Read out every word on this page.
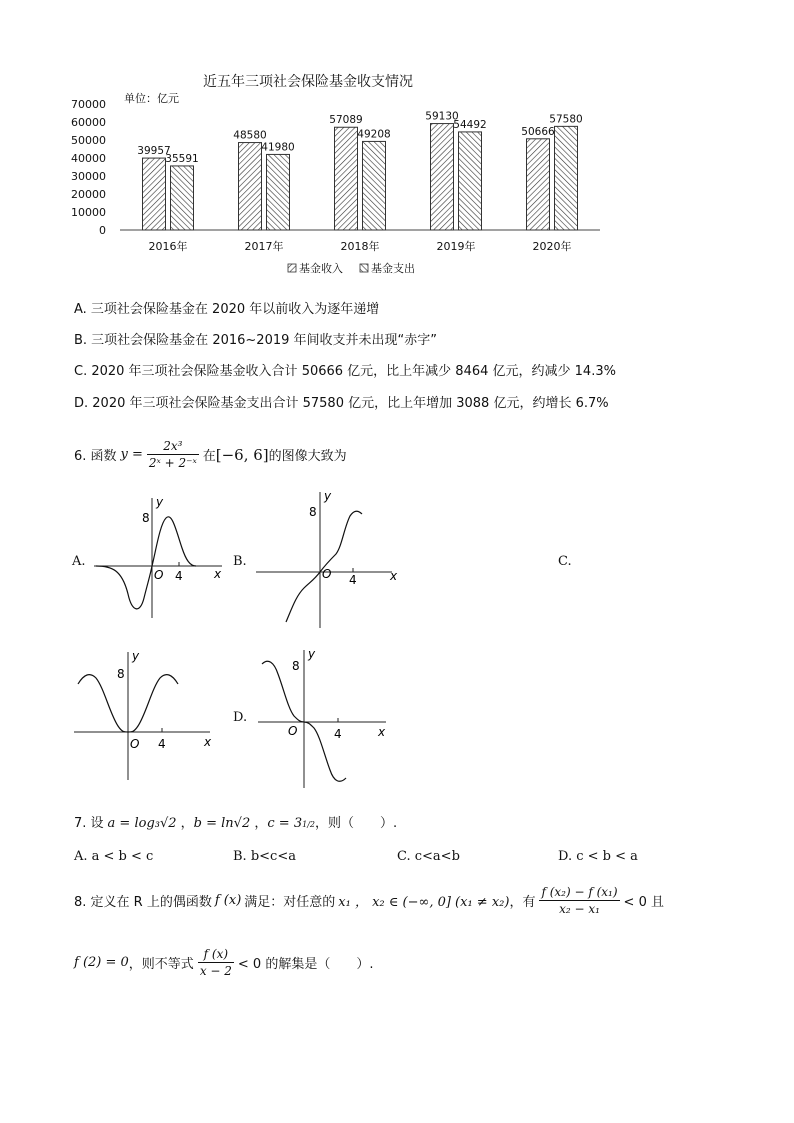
近五年三项社会保险基金收支情况
单位：亿元
0
10000
20000
30000
40000
50000
60000
70000
39957
35591
48580
41980
57089
49208
59130
54492
50666
57580
2016年	2017年	2018年	2019年	2020年
基金收入	基金支出
A. 三项社会保险基金在 2020 年以前收入为逐年递增
B. 三项社会保险基金在 2016~2019 年间收支并未出现“赤字”
C. 2020 年三项社会保险基金收入合计 50666 亿元，比上年减少 8464 亿元，约减少 14.3%
D. 2020 年三项社会保险基金支出合计 57580 亿元，比上年增加 3088 亿元，约增长 6.7%
6. 函数 $y = \frac{\text{2x³}}{\text{2ˣ + 2⁻ˣ}}$ 在 [−6, 6] 的图像大致为
A.	B.	C.
D.
y
8
O 4	x
y
8
O 4	x
y
8
O 4	x
y
8
O	4	x
7. 设 a = log₃√2 ， b = ln√2 ， c = 3 1/2 ，则（　　）.
A. a < b < c	B. b<c<a	C. c<a<b	D. c < b < a
8. 定义在 R 上的偶函数 f (x) 满足：对任意的 x₁ ， x₂ ∈ (−∞, 0] (x₁ ≠ x₂) ，有 $\frac{\text{f (x₂) − f (x₁)}}{\text{x₂ − x₁}} < 0$ 且
f (2) = 0 ，则不等式 $\frac{f (x)}{x - 2} < 0$ 的解集是（　　）.
